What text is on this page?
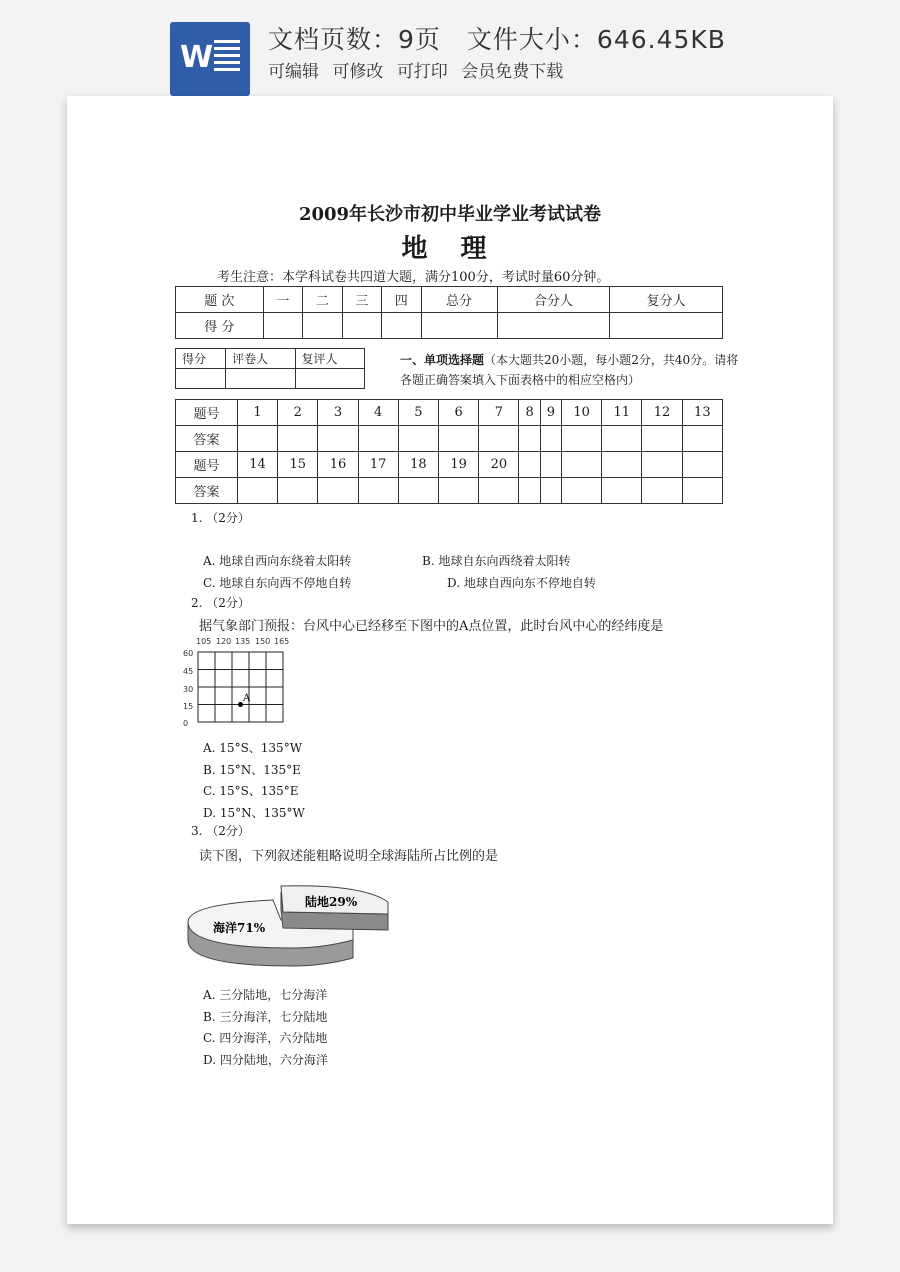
W
文档页数：9页 文件大小：646.45KB
可编辑 可修改 可打印 会员免费下载
2009年长沙市初中毕业学业考试试卷
地 理
考生注意：本学科试卷共四道大题，满分100分，考试时量60分钟。
题 次	一	二	三	四	总分	合分人	复分人
得 分							
得分	评卷人	复评人
			一、单项选择题（本大题共20小题，每小题2分，共40分。请将各题正确答案填入下面表格中的相应空格内）
题号	1	2	3	4	5	6	7	8	9	10	11	12	13
答案													
题号	14	15	16	17	18	19	20						
答案													
1. （2分）
A. 地球自西向东绕着太阳转	B. 地球自东向西绕着太阳转
C. 地球自东向西不停地自转	D. 地球自西向东不停地自转
2. （2分）
据气象部门预报：台风中心已经移至下图中的A点位置，此时台风中心的经纬度是
105 120 135 150 165
60
45
30
15
0
A
A. 15°S、135°W
B. 15°N、135°E
C. 15°S、135°E
D. 15°N、135°W
3. （2分）
读下图，下列叙述能粗略说明全球海陆所占比例的是
陆地29%
海洋71%
A. 三分陆地，七分海洋
B. 三分海洋，七分陆地
C. 四分海洋，六分陆地
D. 四分陆地，六分海洋
